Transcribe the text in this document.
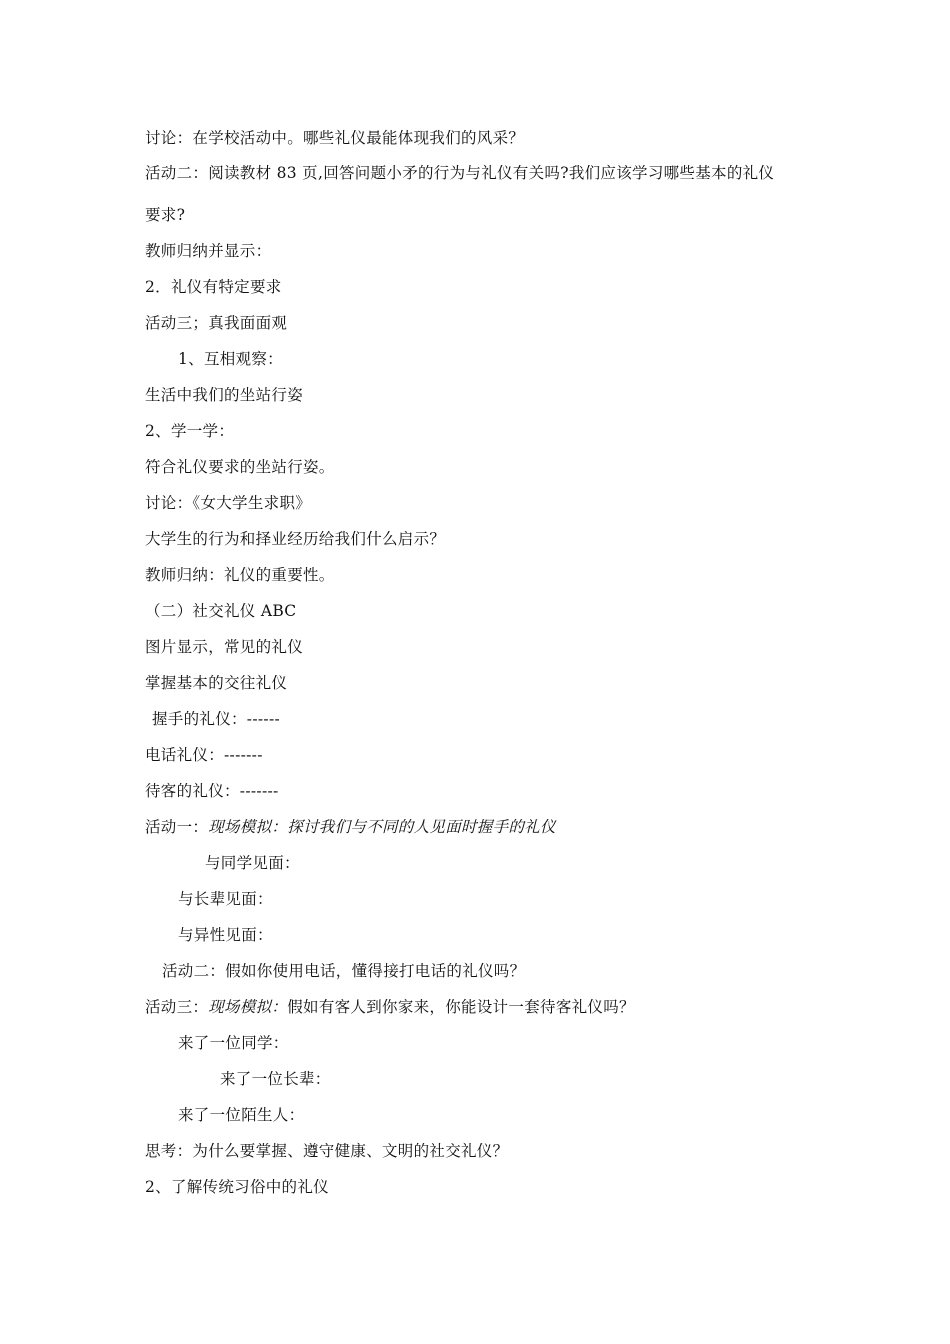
讨论：在学校活动中。哪些礼仪最能体现我们的风采？
活动二：阅读教材 83 页,回答问题小矛的行为与礼仪有关吗?我们应该学习哪些基本的礼仪
要求?
教师归纳并显示：
2．礼仪有特定要求
活动三；真我面面观
1、互相观察：
生活中我们的坐站行姿
2、学一学：
符合礼仪要求的坐站行姿。
讨论：《女大学生求职》
大学生的行为和择业经历给我们什么启示？
教师归纳：礼仪的重要性。
（二）社交礼仪 ABC
图片显示，常见的礼仪
掌握基本的交往礼仪
握手的礼仪：------
电话礼仪：-------
待客的礼仪：-------
活动一：现场模拟：探讨我们与不同的人见面时握手的礼仪
与同学见面：
与长辈见面：
与异性见面：
活动二：假如你使用电话，懂得接打电话的礼仪吗？
活动三：现场模拟：假如有客人到你家来，你能设计一套待客礼仪吗？
来了一位同学：
来了一位长辈：
来了一位陌生人：
思考：为什么要掌握、遵守健康、文明的社交礼仪？
2、了解传统习俗中的礼仪
